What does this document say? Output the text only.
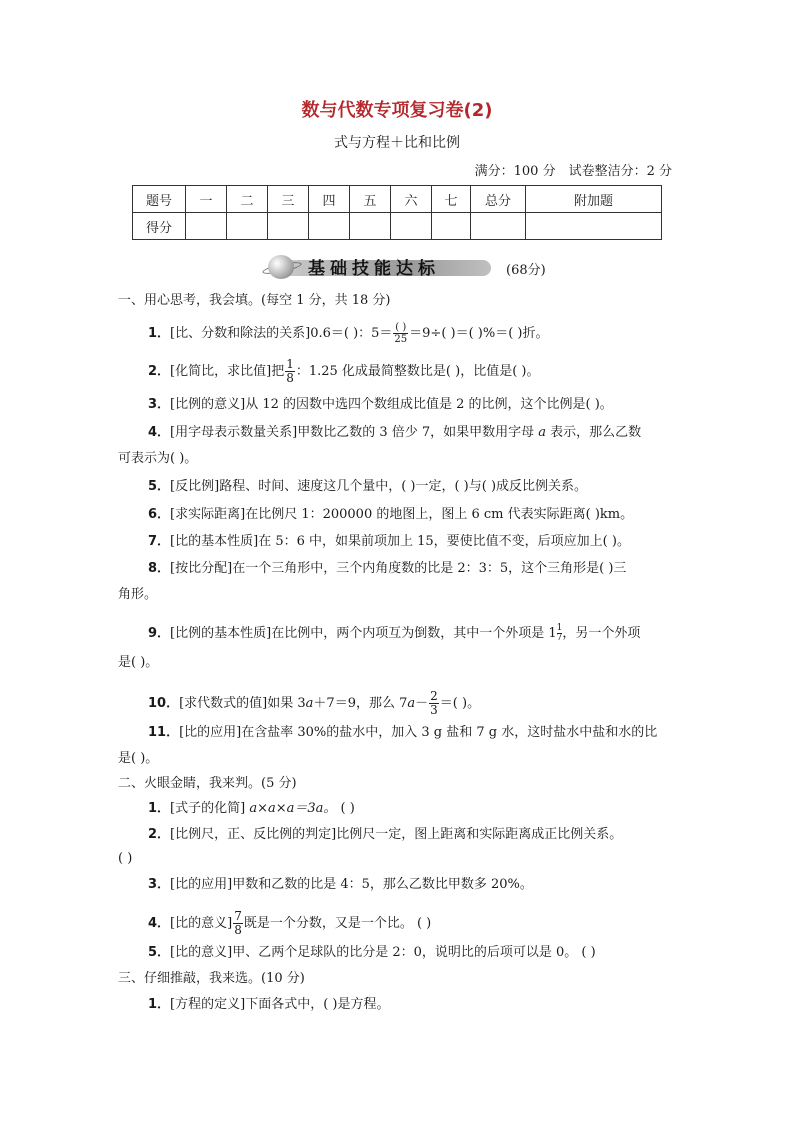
数与代数专项复习卷(2)
式与方程＋比和比例
满分：100 分　试卷整洁分：2 分
题号	一	二	三	四	五	六	七	总分	附加题
得分									
基础技能达标	(68分)
一、用心思考，我会填。(每空 1 分，共 18 分)
1．[比、分数和除法的关系]0.6＝( )：$5= \frac{( )}{25} =9\div$( )＝( )%＝( )折。
2．[化简比，求比值]把 $\frac{1}{8}$ ：1.25 化成最简整数比是( )，比值是( )。
3．[比例的意义]从 12 的因数中选四个数组成比值是 2 的比例，这个比例是( )。
4．[用字母表示数量关系]甲数比乙数的 3 倍少 7，如果甲数用字母 a 表示，那么乙数
可表示为( )。
5．[反比例]路程、时间、速度这几个量中，( )一定，( )与( )成反比例关系。
6．[求实际距离]在比例尺 1：200000 的地图上，图上 6 cm 代表实际距离( )km。
7．[比的基本性质]在 5：6 中，如果前项加上 15，要使比值不变，后项应加上( )。
8．[按比分配]在一个三角形中，三个内角度数的比是 2：3：5，这个三角形是( )三
角形。
9．[比例的基本性质]在比例中，两个内项互为倒数，其中一个外项是 $1 \frac{1}{7}$ ，另一个外项
是( )。
10．[求代数式的值]如果 3a＋7＝9，那么 $7a- \frac{2}{3}$ ＝( )。
11．[比的应用]在含盐率 30%的盐水中，加入 3 g 盐和 7 g 水，这时盐水中盐和水的比
是( )。
二、火眼金睛，我来判。(5 分)
1．[式子的化简] a×a×a＝3a。 ( )
2．[比例尺，正、反比例的判定]比例尺一定，图上距离和实际距离成正比例关系。
( )
3．[比的应用]甲数和乙数的比是 4：5，那么乙数比甲数多 20%。
4．[比的意义] $\frac{7}{8}$ 既是一个分数，又是一个比。 ( )
5．[比的意义]甲、乙两个足球队的比分是 2：0，说明比的后项可以是 0。 ( )
三、仔细推敲，我来选。(10 分)
1．[方程的定义]下面各式中，( )是方程。
